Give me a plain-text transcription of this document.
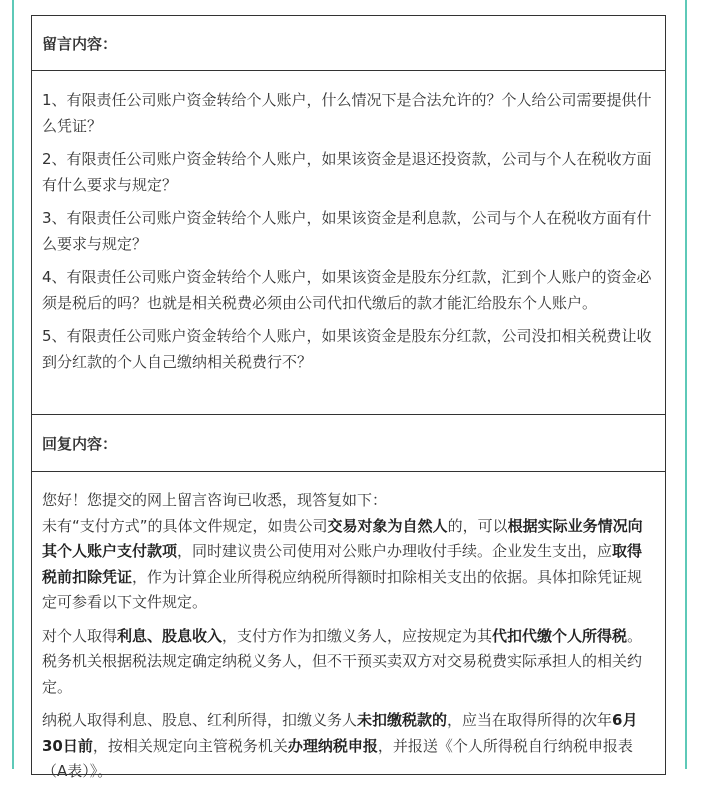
留言内容：

1、有限责任公司账户资金转给个人账户，什么情况下是合法允许的？个人给公司需要提供什么凭证？

2、有限责任公司账户资金转给个人账户，如果该资金是退还投资款，公司与个人在税收方面有什么要求与规定？

3、有限责任公司账户资金转给个人账户，如果该资金是利息款，公司与个人在税收方面有什么要求与规定？

4、有限责任公司账户资金转给个人账户，如果该资金是股东分红款，汇到个人账户的资金必须是税后的吗？也就是相关税费必须由公司代扣代缴后的款才能汇给股东个人账户。

5、有限责任公司账户资金转给个人账户，如果该资金是股东分红款，公司没扣相关税费让收到分红款的个人自己缴纳相关税费行不？

回复内容：

您好！您提交的网上留言咨询已收悉，现答复如下：

未有“支付方式”的具体文件规定，如贵公司交易对象为自然人的，可以根据实际业务情况向其个人账户支付款项，同时建议贵公司使用对公账户办理收付手续。企业发生支出，应取得税前扣除凭证，作为计算企业所得税应纳税所得额时扣除相关支出的依据。具体扣除凭证规定可参看以下文件规定。

对个人取得利息、股息收入，支付方作为扣缴义务人，应按规定为其代扣代缴个人所得税。税务机关根据税法规定确定纳税义务人，但不干预买卖双方对交易税费实际承担人的相关约定。

纳税人取得利息、股息、红利所得，扣缴义务人未扣缴税款的，应当在取得所得的次年6月30日前，按相关规定向主管税务机关办理纳税申报，并报送《个人所得税自行纳税申报表（A表）》。
